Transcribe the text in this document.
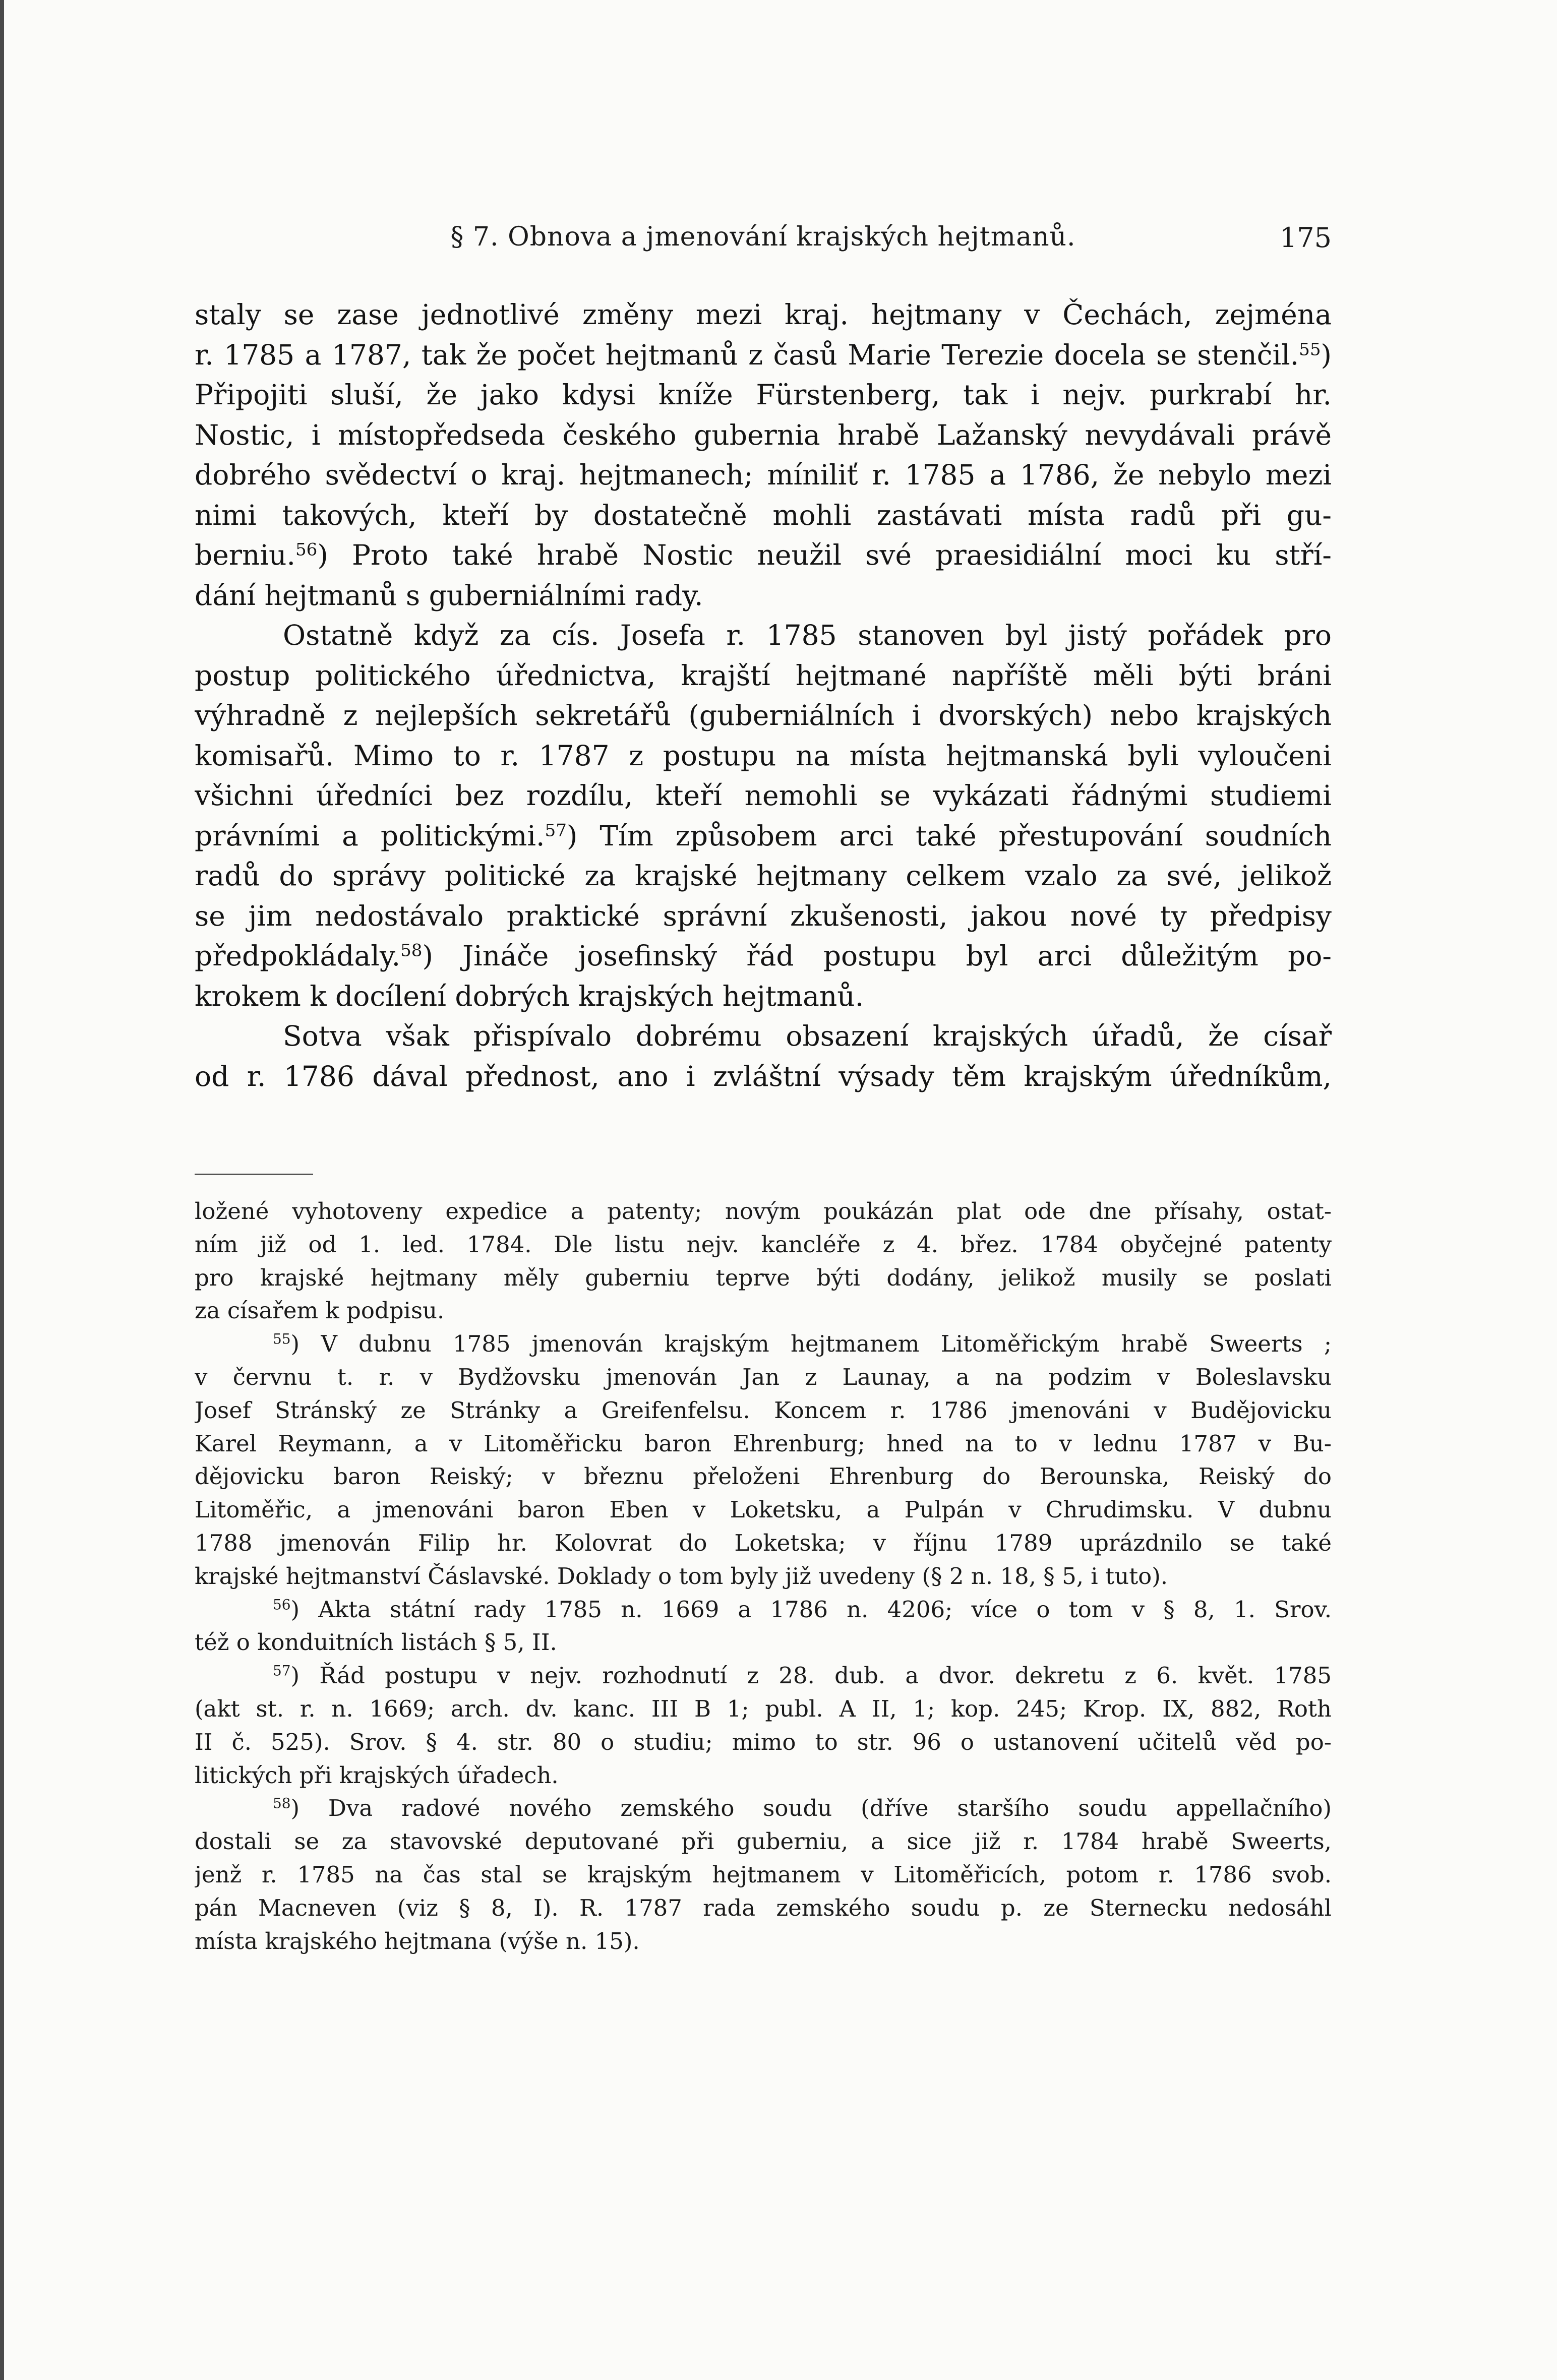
§ 7. Obnova a jmenování krajských hejtmanů.	175
staly se zase jednotlivé změny mezi kraj. hejtmany v Čechách, zejména
r. 1785 a 1787, tak že počet hejtmanů z časů Marie Terezie docela se stenčil.$^{55}$)
Připojiti sluší, že jako kdysi kníže Fürstenberg, tak i nejv. purkrabí hr.
Nostic, i místopředseda českého gubernia hrabě Lažanský nevydávali právě
dobrého svědectví o kraj. hejtmanech; míniliť r. 1785 a 1786, že nebylo mezi
nimi takových, kteří by dostatečně mohli zastávati místa radů při gu-
berniu.$^{56}$) Proto také hrabě Nostic neužil své praesidiální moci ku stří-
dání hejtmanů s guberniálními rady.
Ostatně když za cís. Josefa r. 1785 stanoven byl jistý pořádek pro
postup politického úřednictva, krajští hejtmané napříště měli býti bráni
výhradně z nejlepších sekretářů (guberniálních i dvorských) nebo krajských
komisařů. Mimo to r. 1787 z postupu na místa hejtmanská byli vyloučeni
všichni úředníci bez rozdílu, kteří nemohli se vykázati řádnými studiemi
právními a politickými.$^{57}$) Tím způsobem arci také přestupování soudních
radů do správy politické za krajské hejtmany celkem vzalo za své, jelikož
se jim nedostávalo praktické správní zkušenosti, jakou nové ty předpisy
předpokládaly.$^{58}$) Jináče josefinský řád postupu byl arci důležitým po-
krokem k docílení dobrých krajských hejtmanů.
Sotva však přispívalo dobrému obsazení krajských úřadů, že císař
od r. 1786 dával přednost, ano i zvláštní výsady těm krajským úředníkům,
ložené vyhotoveny expedice a patenty; novým poukázán plat ode dne přísahy, ostat-
ním již od 1. led. 1784. Dle listu nejv. kancléře z 4. břez. 1784 obyčejné patenty
pro krajské hejtmany měly guberniu teprve býti dodány, jelikož musily se poslati
za císařem k podpisu.
$^{55}$) V dubnu 1785 jmenován krajským hejtmanem Litoměřickým hrabě Sweerts ;
v červnu t. r. v Bydžovsku jmenován Jan z Launay, a na podzim v Boleslavsku
Josef Stránský ze Stránky a Greifenfelsu. Koncem r. 1786 jmenováni v Budějovicku
Karel Reymann, a v Litoměřicku baron Ehrenburg; hned na to v lednu 1787 v Bu-
dějovicku baron Reiský; v březnu přeloženi Ehrenburg do Berounska, Reiský do
Litoměřic, a jmenováni baron Eben v Loketsku, a Pulpán v Chrudimsku. V dubnu
1788 jmenován Filip hr. Kolovrat do Loketska; v říjnu 1789 uprázdnilo se také
krajské hejtmanství Čáslavské. Doklady o tom byly již uvedeny (§ 2 n. 18, § 5, i tuto).
$^{56}$) Akta státní rady 1785 n. 1669 a 1786 n. 4206; více o tom v § 8, 1. Srov.
též o konduitních listách § 5, II.
$^{57}$) Řád postupu v nejv. rozhodnutí z 28. dub. a dvor. dekretu z 6. květ. 1785
(akt st. r. n. 1669; arch. dv. kanc. III B 1; publ. A II, 1; kop. 245; Krop. IX, 882, Roth
II č. 525). Srov. § 4. str. 80 o studiu; mimo to str. 96 o ustanovení učitelů věd po-
litických při krajských úřadech.
$^{58}$) Dva radové nového zemského soudu (dříve staršího soudu appellačního)
dostali se za stavovské deputované při guberniu, a sice již r. 1784 hrabě Sweerts,
jenž r. 1785 na čas stal se krajským hejtmanem v Litoměřicích, potom r. 1786 svob.
pán Macneven (viz § 8, I). R. 1787 rada zemského soudu p. ze Sternecku nedosáhl
místa krajského hejtmana (výše n. 15).
